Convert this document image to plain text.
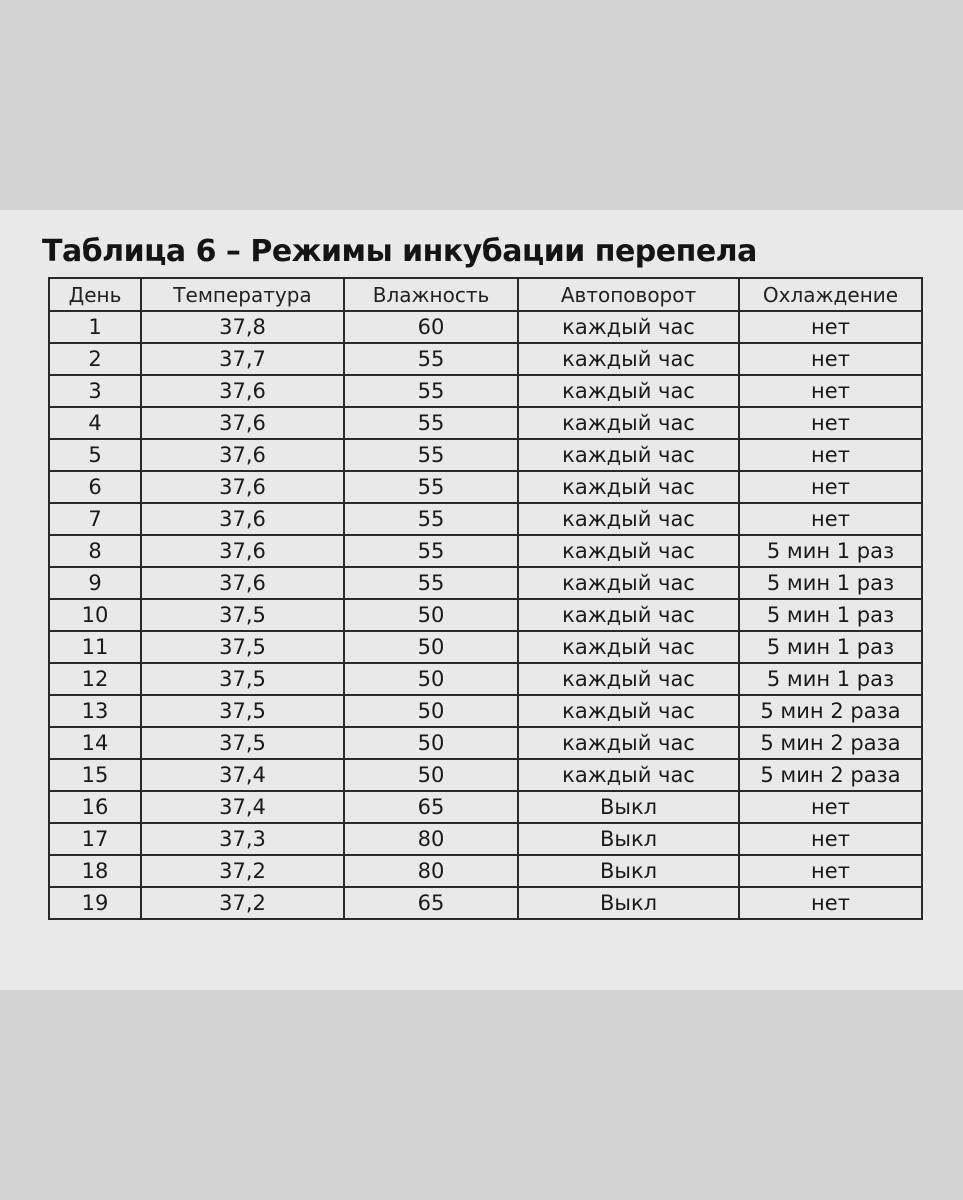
Таблица 6 – Режимы инкубации перепела
День	Температура	Влажность	Автоповорот	Охлаждение
1	37,8	60	каждый час	нет
2	37,7	55	каждый час	нет
3	37,6	55	каждый час	нет
4	37,6	55	каждый час	нет
5	37,6	55	каждый час	нет
6	37,6	55	каждый час	нет
7	37,6	55	каждый час	нет
8	37,6	55	каждый час	5 мин 1 раз
9	37,6	55	каждый час	5 мин 1 раз
10	37,5	50	каждый час	5 мин 1 раз
11	37,5	50	каждый час	5 мин 1 раз
12	37,5	50	каждый час	5 мин 1 раз
13	37,5	50	каждый час	5 мин 2 раза
14	37,5	50	каждый час	5 мин 2 раза
15	37,4	50	каждый час	5 мин 2 раза
16	37,4	65	Выкл	нет
17	37,3	80	Выкл	нет
18	37,2	80	Выкл	нет
19	37,2	65	Выкл	нет
